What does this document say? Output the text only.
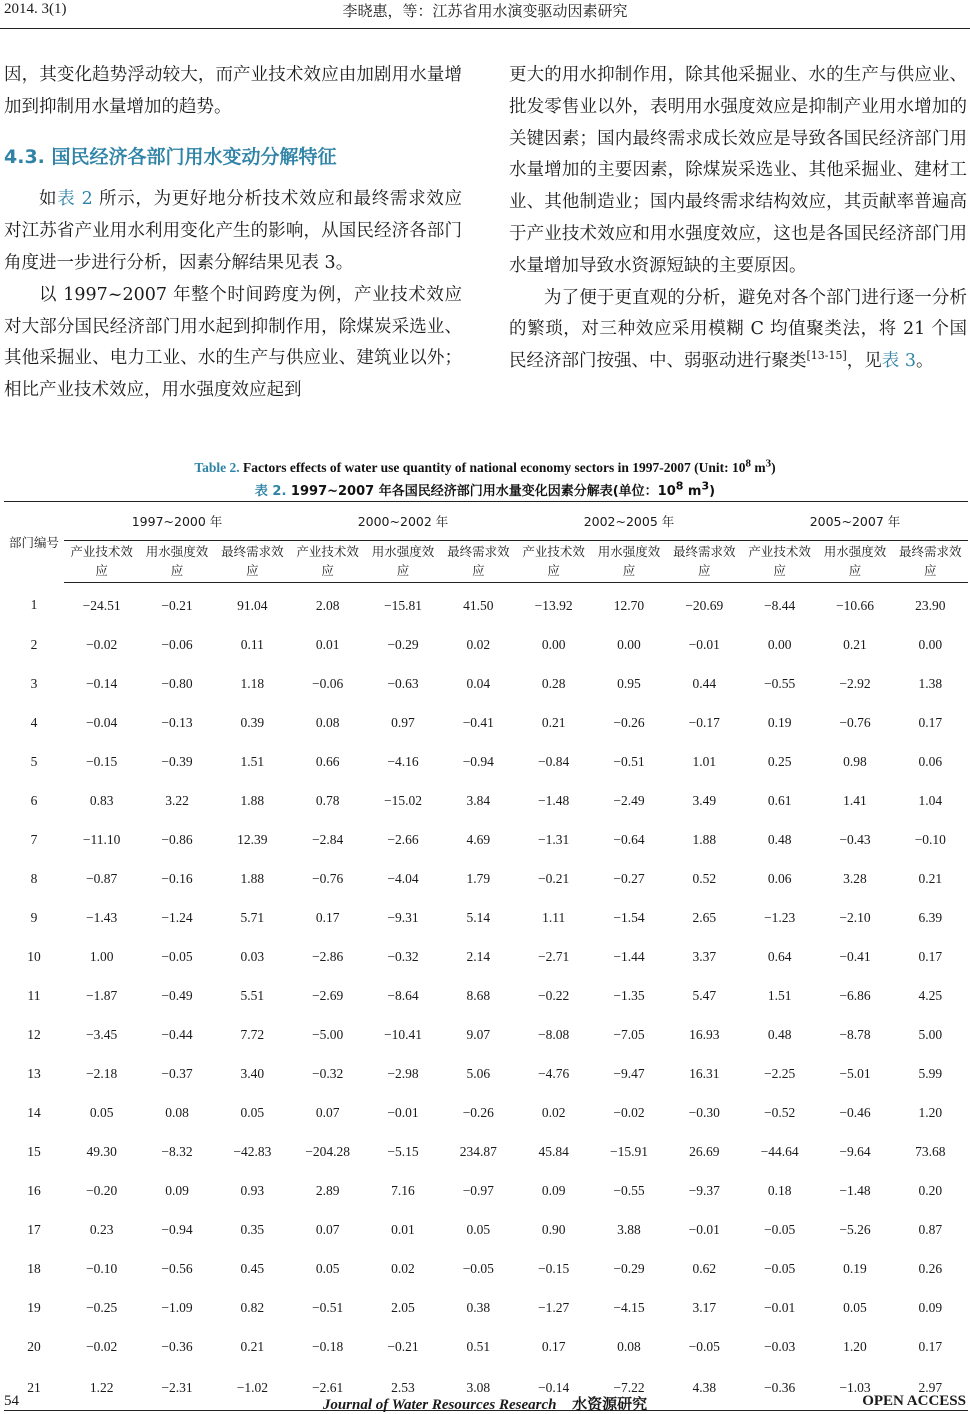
2014. 3(1)	李晓惠，等：江苏省用水演变驱动因素研究

因，其变化趋势浮动较大，而产业技术效应由加剧用水量增加到抑制用水量增加的趋势。

4.3. 国民经济各部门用水变动分解特征

如表 2 所示，为更好地分析技术效应和最终需求效应对江苏省产业用水利用变化产生的影响，从国民经济各部门角度进一步进行分析，因素分解结果见表 3。

以 1997~2007 年整个时间跨度为例，产业技术效应对大部分国民经济部门用水起到抑制作用，除煤炭采选业、其他采掘业、电力工业、水的生产与供应业、建筑业以外；相比产业技术效应，用水强度效应起到

更大的用水抑制作用，除其他采掘业、水的生产与供应业、批发零售业以外，表明用水强度效应是抑制产业用水增加的关键因素；国内最终需求成长效应是导致各国民经济部门用水量增加的主要因素，除煤炭采选业、其他采掘业、建材工业、其他制造业；国内最终需求结构效应，其贡献率普遍高于产业技术效应和用水强度效应，这也是各国民经济部门用水量增加导致水资源短缺的主要原因。

为了便于更直观的分析，避免对各个部门进行逐一分析的繁琐，对三种效应采用模糊 C 均值聚类法，将 21 个国民经济部门按强、中、弱驱动进行聚类[13-15]，见表 3。

Table 2. Factors effects of water use quantity of national economy sectors in 1997-2007 (Unit: $10^8$ $m^3$)
表 2. 1997~2007 年各国民经济部门用水量变化因素分解表(单位：$10^8$ $m^3$)
部门编号	1997~2000 年			2000~2002 年			2002~2005 年			2005~2007 年		
	产业技术效应	用水强度效应	最终需求效应	产业技术效应	用水强度效应	最终需求效应	产业技术效应	用水强度效应	最终需求效应	产业技术效应	用水强度效应	最终需求效应
1	−24.51	−0.21	91.04	2.08	−15.81	41.50	−13.92	12.70	−20.69	−8.44	−10.66	23.90
2	−0.02	−0.06	0.11	0.01	−0.29	0.02	0.00	0.00	−0.01	0.00	0.21	0.00
3	−0.14	−0.80	1.18	−0.06	−0.63	0.04	0.28	0.95	0.44	−0.55	−2.92	1.38
4	−0.04	−0.13	0.39	0.08	0.97	−0.41	0.21	−0.26	−0.17	0.19	−0.76	0.17
5	−0.15	−0.39	1.51	0.66	−4.16	−0.94	−0.84	−0.51	1.01	0.25	0.98	0.06
6	0.83	3.22	1.88	0.78	−15.02	3.84	−1.48	−2.49	3.49	0.61	1.41	1.04
7	−11.10	−0.86	12.39	−2.84	−2.66	4.69	−1.31	−0.64	1.88	0.48	−0.43	−0.10
8	−0.87	−0.16	1.88	−0.76	−4.04	1.79	−0.21	−0.27	0.52	0.06	3.28	0.21
9	−1.43	−1.24	5.71	0.17	−9.31	5.14	1.11	−1.54	2.65	−1.23	−2.10	6.39
10	1.00	−0.05	0.03	−2.86	−0.32	2.14	−2.71	−1.44	3.37	0.64	−0.41	0.17
11	−1.87	−0.49	5.51	−2.69	−8.64	8.68	−0.22	−1.35	5.47	1.51	−6.86	4.25
12	−3.45	−0.44	7.72	−5.00	−10.41	9.07	−8.08	−7.05	16.93	0.48	−8.78	5.00
13	−2.18	−0.37	3.40	−0.32	−2.98	5.06	−4.76	−9.47	16.31	−2.25	−5.01	5.99
14	0.05	0.08	0.05	0.07	−0.01	−0.26	0.02	−0.02	−0.30	−0.52	−0.46	1.20
15	49.30	−8.32	−42.83	−204.28	−5.15	234.87	45.84	−15.91	26.69	−44.64	−9.64	73.68
16	−0.20	0.09	0.93	2.89	7.16	−0.97	0.09	−0.55	−9.37	0.18	−1.48	0.20
17	0.23	−0.94	0.35	0.07	0.01	0.05	0.90	3.88	−0.01	−0.05	−5.26	0.87
18	−0.10	−0.56	0.45	0.05	0.02	−0.05	−0.15	−0.29	0.62	−0.05	0.19	0.26
19	−0.25	−1.09	0.82	−0.51	2.05	0.38	−1.27	−4.15	3.17	−0.01	0.05	0.09
20	−0.02	−0.36	0.21	−0.18	−0.21	0.51	0.17	0.08	−0.05	−0.03	1.20	0.17
21	1.22	−2.31	−1.02	−2.61	2.53	3.08	−0.14	−7.22	4.38	−0.36	−1.03	2.97
54	Journal of Water Resources Research 水资源研究	OPEN ACCESS
